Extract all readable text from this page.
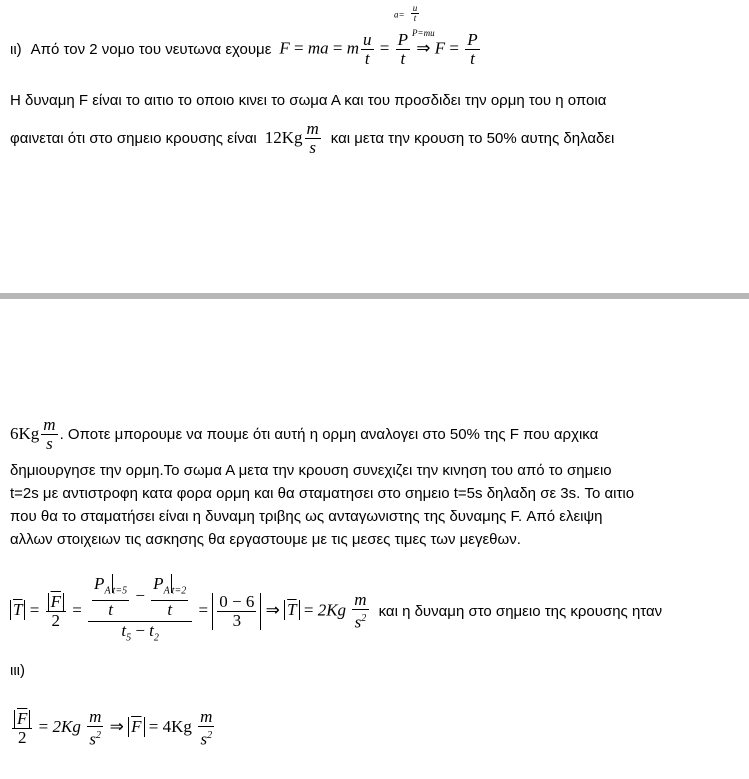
$a= \frac{u}{t}$
P=mu
ιι) Από τον 2 νομο του νευτωνα εχουμε F = ma = m $\frac{u}{t} = \frac{P}{t}$ ⇒ $F = \frac{P}{t}$
Η δυναμη F είναι το αιτιο το οποιο κινει το σωμα Α και του προσδιδει την ορμη του η οποια
φαινεται ότι στο σημειο κρουσης είναι $12Kg \frac{m}{s}$ και μετα την κρουση το 50% αυτης δηλαδει
$6Kg \frac{m}{s}$ . Οποτε μπορουμε να πουμε ότι αυτή η ορμη αναλογει στο 50% της F που αρχικα
δημιουργησε την ορμη.Το σωμα Α μετα την κρουση συνεχιζει την κινηση του από το σημειο
t=2s με αντιστροφη κατα φορα ορμη και θα σταματησει στο σημειο t=5s δηλαδη σε 3s. Το αιτιο
που θα το σταματήσει είναι η δυναμη τριβης ως ανταγωνιστης της δυναμης F. Από ελειψη
αλλων στοιχειων τις ασκησης θα εργαστουμε με τις μεσες τιμες των μεγεθων.
$\overline{T} = \frac{\overline{F}}{2} = \frac{\frac{P_A _{t=5}}{t} - \frac{P_A _{t=2}}{t}}{t_5 - t_2} = \frac{0 - 6}{3}$ ⇒ $\overline{T} = 2Kg \frac{m}{s^2}$ και η δυναμη στο σημειο της κρουσης ηταν
ιιι)
$\frac{\overline{F}}{2} = 2Kg \frac{m}{s^2}$ ⇒ $\overline{F} = 4Kg \frac{m}{s^2}$
